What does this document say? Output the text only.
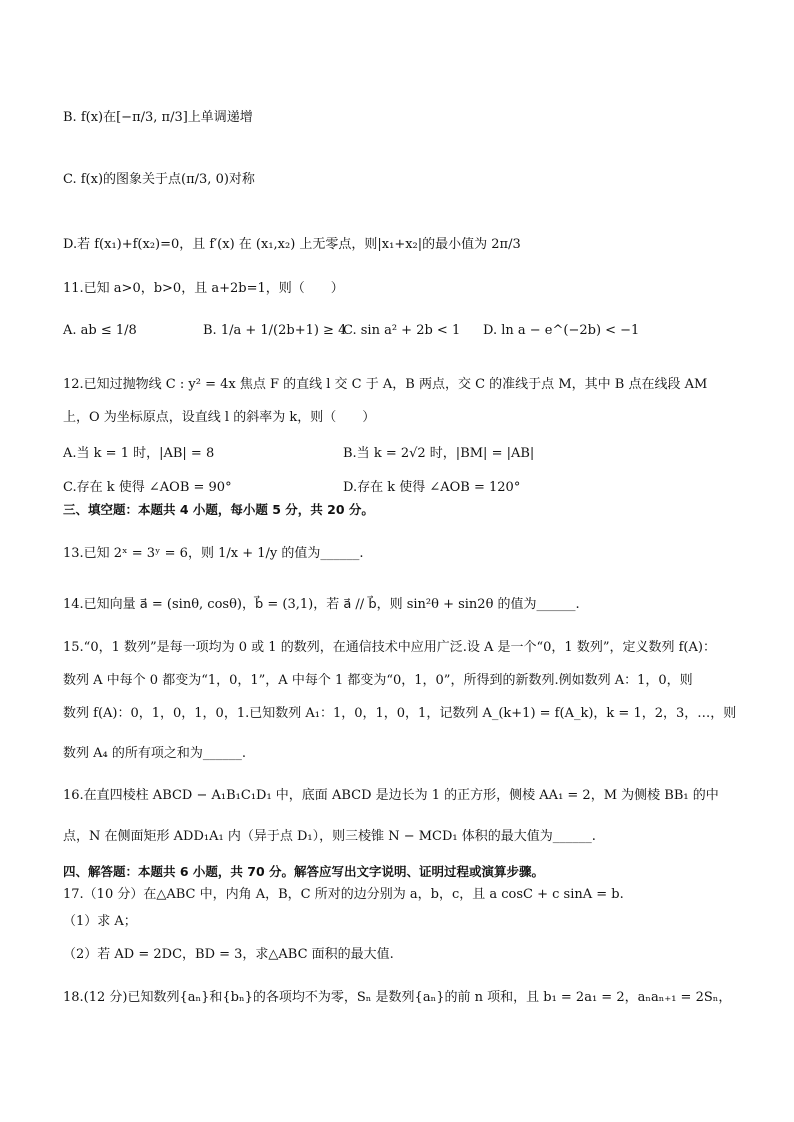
B. f(x)在[−π/3, π/3]上单调递增
C. f(x)的图象关于点(π/3, 0)对称
D.若 f(x₁)+f(x₂)=0，且 f′(x) 在 (x₁,x₂) 上无零点，则|x₁+x₂|的最小值为 2π/3
11.已知 a>0，b>0，且 a+2b=1，则（　　）
A. ab ≤ 1/8	B. 1/a + 1/(2b+1) ≥ 4
C. sin a² + 2b < 1 D. ln a − e^(−2b) < −1
12.已知过抛物线 C : y² = 4x 焦点 F 的直线 l 交 C 于 A，B 两点，交 C 的准线于点 M，其中 B 点在线段 AM
上，O 为坐标原点，设直线 l 的斜率为 k，则（　　）
A.当 k = 1 时，|AB| = 8	B.当 k = 2√2 时，|BM| = |AB|
C.存在 k 使得 ∠AOB = 90°	D.存在 k 使得 ∠AOB = 120°
三、填空题：本题共 4 小题，每小题 5 分，共 20 分。
13.已知 2ˣ = 3ʸ = 6，则 1/x + 1/y 的值为______.
14.已知向量 a⃗ = (sinθ, cosθ)，b⃗ = (3,1)，若 a⃗ // b⃗，则 sin²θ + sin2θ 的值为______.
15.“0，1 数列”是每一项均为 0 或 1 的数列，在通信技术中应用广泛.设 A 是一个“0，1 数列”，定义数列 f(A)：
数列 A 中每个 0 都变为“1，0，1”，A 中每个 1 都变为“0，1，0”，所得到的新数列.例如数列 A：1，0，则
数列 f(A)：0，1，0，1，0，1.已知数列 A₁：1，0，1，0，1，记数列 A_(k+1) = f(A_k)，k = 1，2，3，…，则
数列 A₄ 的所有项之和为______.
16.在直四棱柱 ABCD − A₁B₁C₁D₁ 中，底面 ABCD 是边长为 1 的正方形，侧棱 AA₁ = 2，M 为侧棱 BB₁ 的中
点，N 在侧面矩形 ADD₁A₁ 内（异于点 D₁），则三棱锥 N − MCD₁ 体积的最大值为______.
四、解答题：本题共 6 小题，共 70 分。解答应写出文字说明、证明过程或演算步骤。
17.（10 分）在△ABC 中，内角 A，B，C 所对的边分别为 a，b，c，且 a cosC + c sinA = b.
（1）求 A；
（2）若 AD = 2DC，BD = 3，求△ABC 面积的最大值.
18.(12 分)已知数列{aₙ}和{bₙ}的各项均不为零，Sₙ 是数列{aₙ}的前 n 项和，且 b₁ = 2a₁ = 2，aₙaₙ₊₁ = 2Sₙ，
